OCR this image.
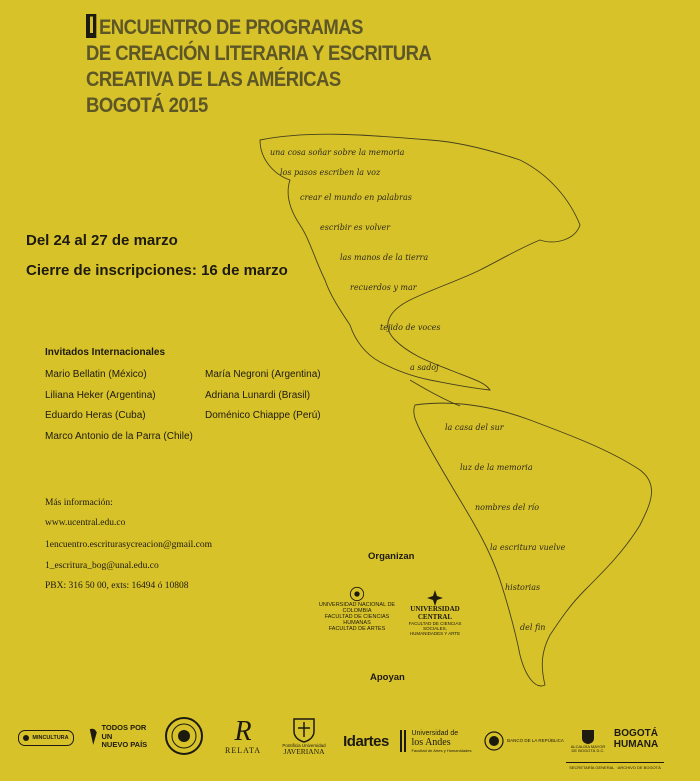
I ENCUENTRO DE PROGRAMAS
DE CREACIÓN LITERARIA Y ESCRITURA
CREATIVA DE LAS AMÉRICAS
BOGOTÁ 2015
una cosa soñar sobre la memoria
los pasos escriben la voz
crear el mundo en palabras
escribir es volver
las manos de la tierra
recuerdos y mar
tejido de voces
a sadoj
la casa del sur
luz de la memoria
nombres del río
la escritura vuelve
historias
del fin
Del 24 al 27 de marzo
Cierre de inscripciones: 16 de marzo
Invitados Internacionales
Mario Bellatin (México)
Liliana Heker (Argentina)
Eduardo Heras (Cuba)
Marco Antonio de la Parra (Chile)
María Negroni (Argentina)
Adriana Lunardi (Brasil)
Doménico Chiappe (Perú)
Más información:
www.ucentral.edu.co
1encuentro.escriturasycreacion@gmail.com
1_escritura_bog@unal.edu.co
PBX: 316 50 00, exts: 16494 ó 10808
Organizan
UNIVERSIDAD NACIONAL DE COLOMBIA
FACULTAD DE CIENCIAS HUMANAS
FACULTAD DE ARTES
UNIVERSIDAD
CENTRAL
FACULTAD DE CIENCIAS SOCIALES,
HUMANIDADES Y ARTE
Apoyan
MINCULTURA
TODOS POR UN
NUEVO PAÍS	R
RELATA
Pontificia Universidad
JAVERIANA
Idartes	Universidad de
los Andes
Facultad de Artes y Humanidades
BANCO DE LA REPÚBLICA
ALCALDÍA MAYOR
DE BOGOTÁ D.C.
BOGOTÁ
HUMANA
SECRETARÍA GENERAL · ARCHIVO DE BOGOTÁ
